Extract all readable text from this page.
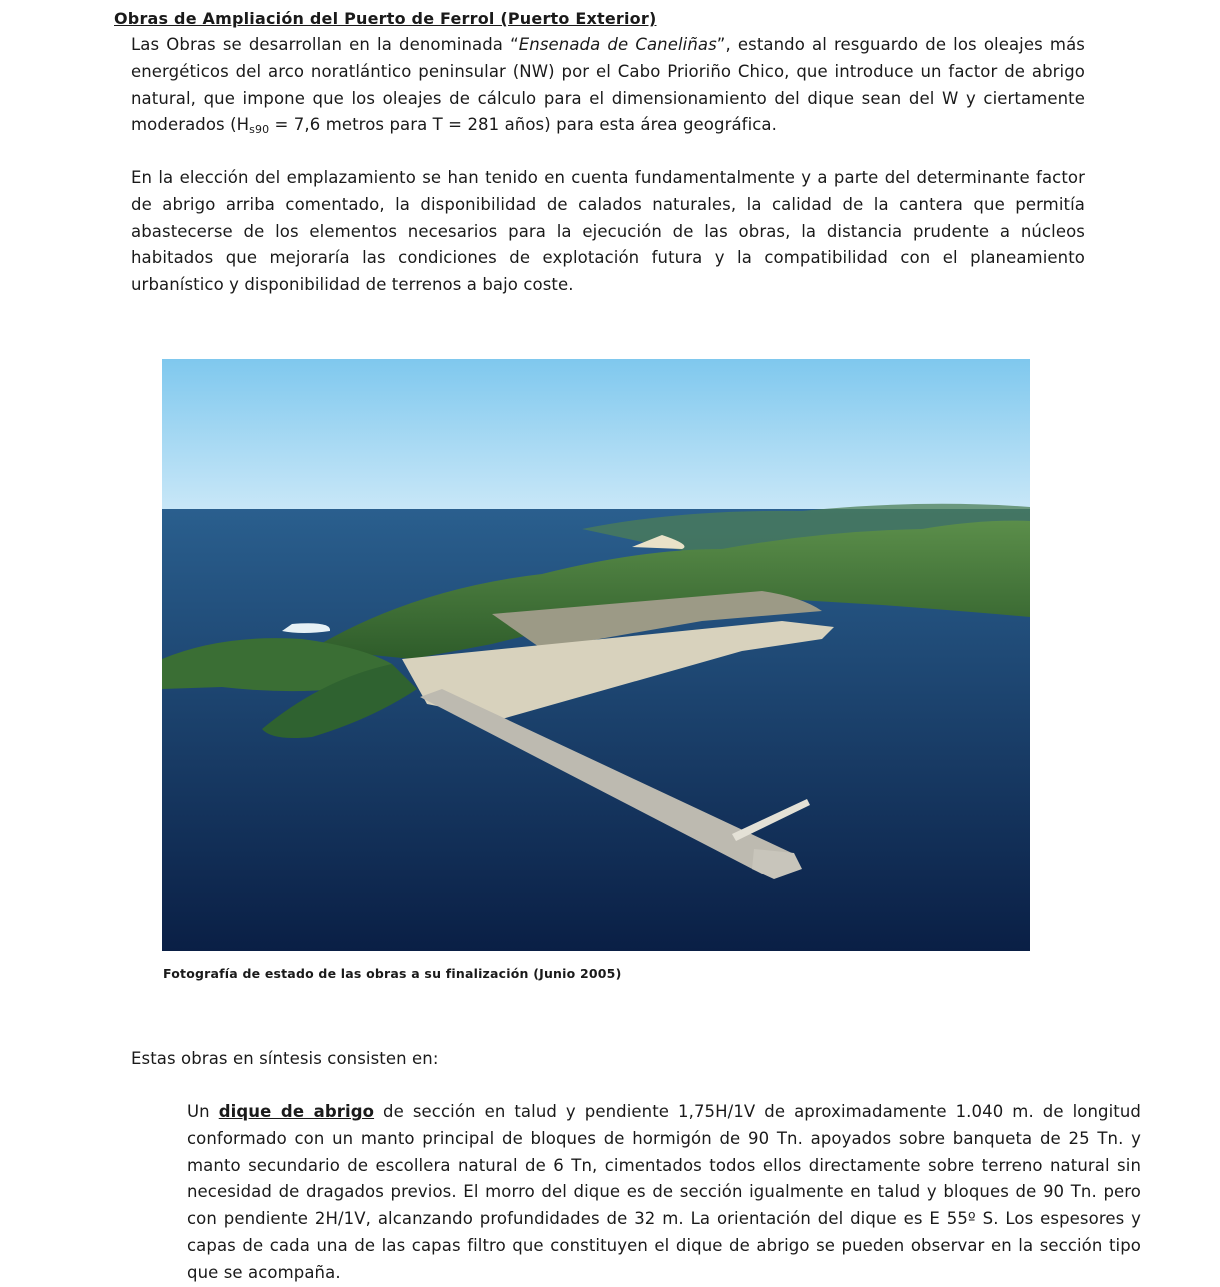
Obras de Ampliación del Puerto de Ferrol (Puerto Exterior)

Las Obras se desarrollan en la denominada “Ensenada de Caneliñas”, estando al resguardo de los oleajes más energéticos del arco noratlántico peninsular (NW) por el Cabo Prioriño Chico, que introduce un factor de abrigo natural, que impone que los oleajes de cálculo para el dimensionamiento del dique sean del W y ciertamente moderados ($H_{s90} = 7,6$ metros para T = 281 años) para esta área geográfica.

En la elección del emplazamiento se han tenido en cuenta fundamentalmente y a parte del determinante factor de abrigo arriba comentado, la disponibilidad de calados naturales, la calidad de la cantera que permitía abastecerse de los elementos necesarios para la ejecución de las obras, la distancia prudente a núcleos habitados que mejoraría las condiciones de explotación futura y la compatibilidad con el planeamiento urbanístico y disponibilidad de terrenos a bajo coste.

Fotografía de estado de las obras a su finalización (Junio 2005)

Estas obras en síntesis consisten en:

Un dique de abrigo de sección en talud y pendiente 1,75H/1V de aproximadamente 1.040 m. de longitud conformado con un manto principal de bloques de hormigón de 90 Tn. apoyados sobre banqueta de 25 Tn. y manto secundario de escollera natural de 6 Tn, cimentados todos ellos directamente sobre terreno natural sin necesidad de dragados previos. El morro del dique es de sección igualmente en talud y bloques de 90 Tn. pero con pendiente 2H/1V, alcanzando profundidades de 32 m. La orientación del dique es E 55º S. Los espesores y capas de cada una de las capas filtro que constituyen el dique de abrigo se pueden observar en la sección tipo que se acompaña.
